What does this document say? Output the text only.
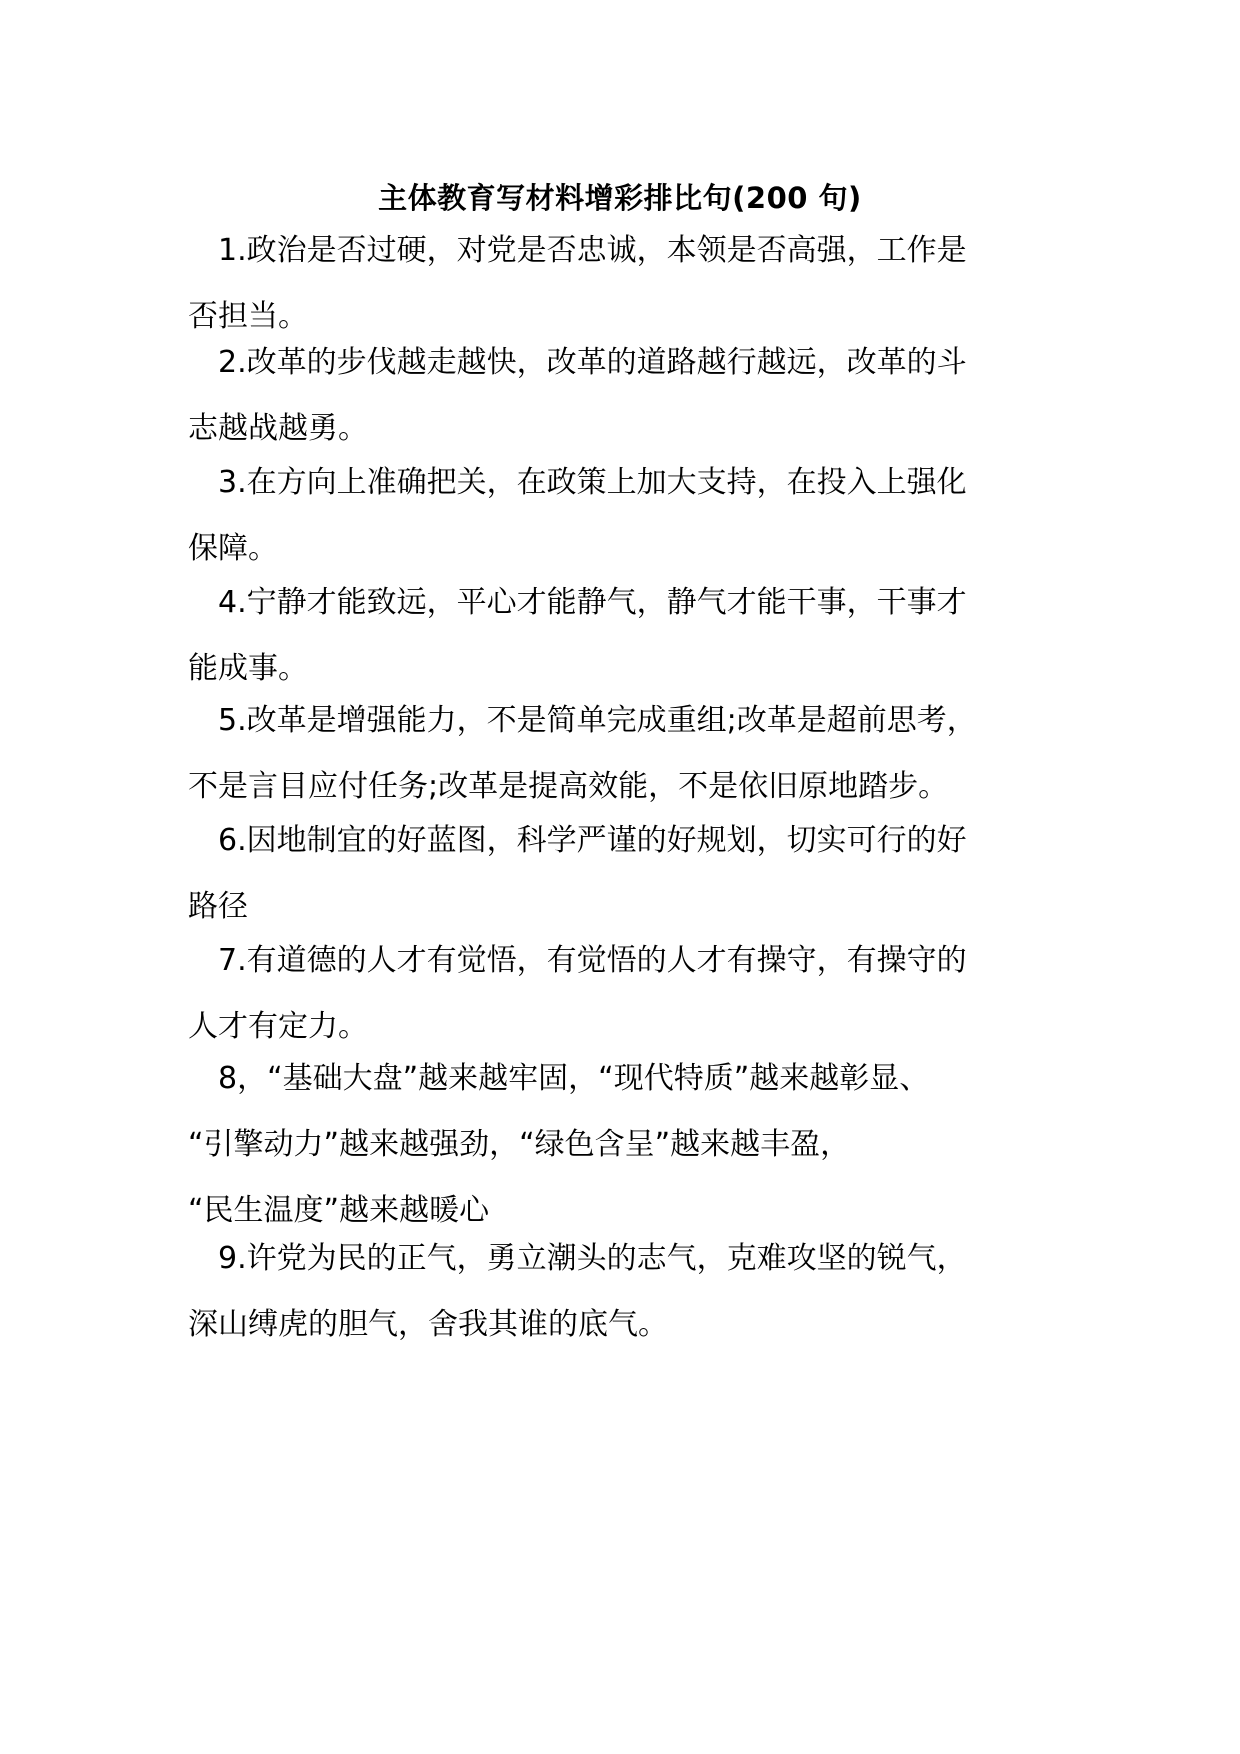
主体教育写材料增彩排比句(200 句)
1.政治是否过硬，对党是否忠诚，本领是否高强，工作是
否担当。
2.改革的步伐越走越快，改革的道路越行越远，改革的斗
志越战越勇。
3.在方向上准确把关，在政策上加大支持，在投入上强化
保障。
4.宁静才能致远，平心才能静气，静气才能干事，干事才
能成事。
5.改革是增强能力，不是简单完成重组;改革是超前思考，
不是言目应付任务;改革是提高效能，不是依旧原地踏步。
6.因地制宜的好蓝图，科学严谨的好规划，切实可行的好
路径
7.有道德的人才有觉悟，有觉悟的人才有操守，有操守的
人才有定力。
8，“基础大盘”越来越牢固，“现代特质”越来越彰显、
“引擎动力”越来越强劲，“绿色含呈”越来越丰盈，
“民生温度”越来越暖心
9.许党为民的正气，勇立潮头的志气，克难攻坚的锐气，
深山缚虎的胆气，舍我其谁的底气。
